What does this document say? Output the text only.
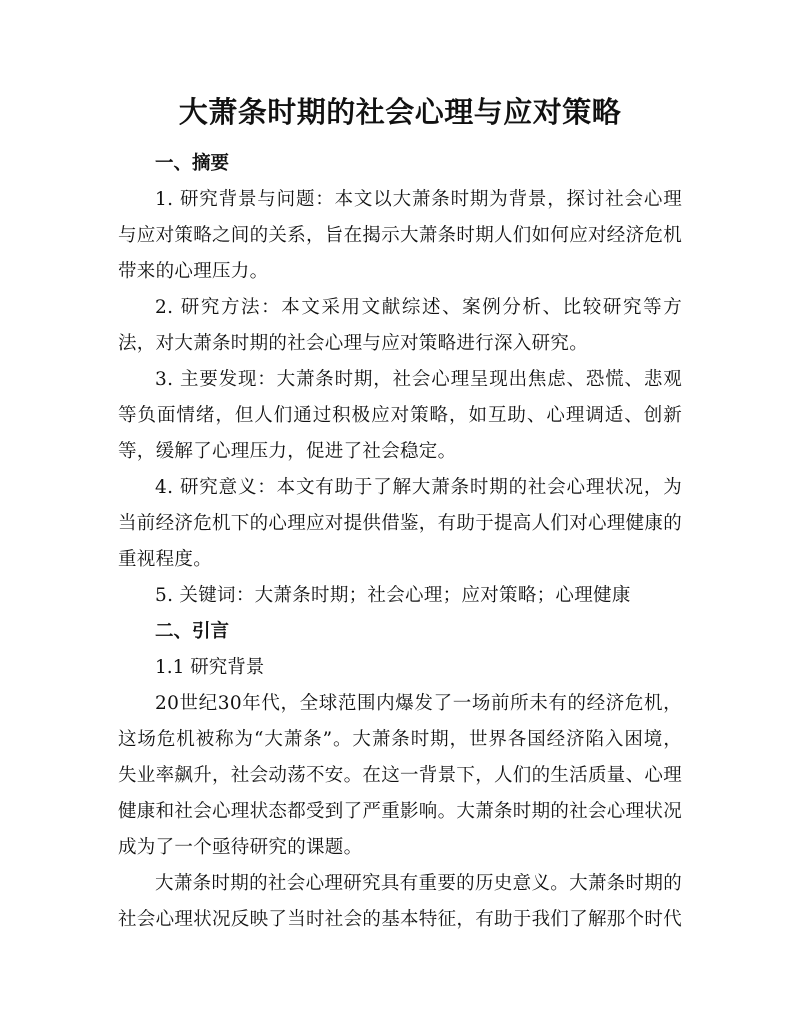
大萧条时期的社会心理与应对策略

一、摘要

1. 研究背景与问题：本文以大萧条时期为背景，探讨社会心理与应对策略之间的关系，旨在揭示大萧条时期人们如何应对经济危机带来的心理压力。

2. 研究方法：本文采用文献综述、案例分析、比较研究等方法，对大萧条时期的社会心理与应对策略进行深入研究。

3. 主要发现：大萧条时期，社会心理呈现出焦虑、恐慌、悲观等负面情绪，但人们通过积极应对策略，如互助、心理调适、创新等，缓解了心理压力，促进了社会稳定。

4. 研究意义：本文有助于了解大萧条时期的社会心理状况，为当前经济危机下的心理应对提供借鉴，有助于提高人们对心理健康的重视程度。

5. 关键词：大萧条时期；社会心理；应对策略；心理健康

二、引言

1.1 研究背景

20世纪30年代，全球范围内爆发了一场前所未有的经济危机，这场危机被称为“大萧条”。大萧条时期，世界各国经济陷入困境，失业率飙升，社会动荡不安。在这一背景下，人们的生活质量、心理健康和社会心理状态都受到了严重影响。大萧条时期的社会心理状况成为了一个亟待研究的课题。

大萧条时期的社会心理研究具有重要的历史意义。大萧条时期的社会心理状况反映了当时社会的基本特征，有助于我们了解那个时代
